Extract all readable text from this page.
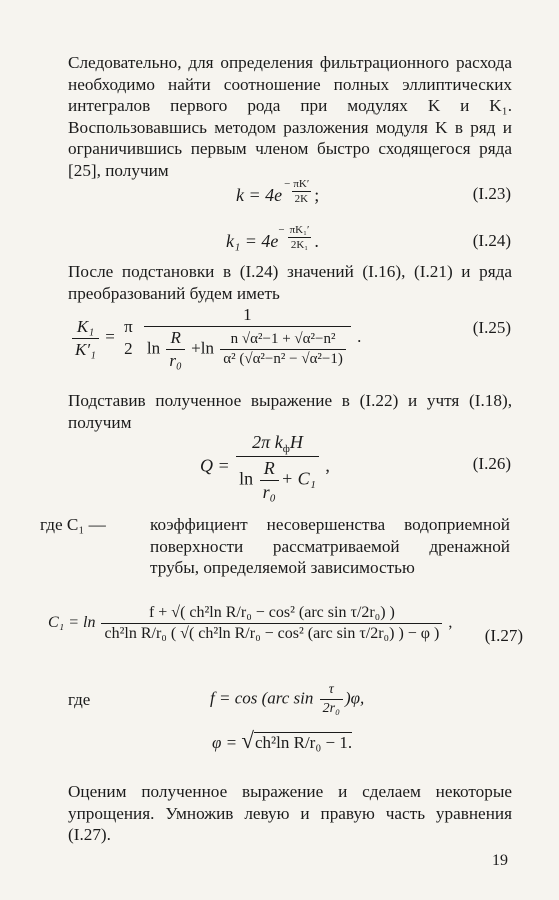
Следовательно, для определения фильтрационного расхода необходимо найти соотношение полных эллиптических интегралов первого рода при модулях K и K₁. Воспользовавшись методом разложения модуля K в ряд и ограничившись первым членом быстро сходящегося ряда [25], получим
k = 4e
− $\frac{\pi K'}{2K}$ ;	(I.23)
$k_1 = 4e^- \frac{\text{πK₁′}}{\text{2K₁}}$ .	(I.24)
После подстановки в (I.24) значений (I.16), (I.21) и ряда преобразований будем иметь
$\frac{\text{K₁}}{\text{K′₁}}$ =
π
2

1
$\ln \frac{R}{\text{r₀}} +\ln \frac{\text{n √α²−1 + √α²−n²}}{\text{α² (√α²−n² − √α²−1)}}$ .	(I.25)
Подставив полученное выражение в (I.22) и учтя (I.18), получим
$Q = \frac{2\pi k_фH}{\ln \frac{R}{\text{r₀}} + C_1}$ ,	(I.26)
где C₁ —	коэффициент несовершенства водоприемной поверхности рассматриваемой дренажной трубы, определяемой зависимостью
$C_1 = \ln \frac{\text{f + √( ch²ln R/r₀ − cos² (arc sin τ/2r₀) )}}{\text{ch²ln R/r₀ ( √( ch²ln R/r₀ − cos² (arc sin τ/2r₀) ) − φ )}}$ ,
(I.27)
где	f = cos (arc $\sin \frac{\tau}{\text{2r₀}} )\varphi$,
φ = √ch²ln R/r₀ − 1.
Оценим полученное выражение и сделаем некоторые упрощения. Умножив левую и правую часть уравнения (I.27).
19
